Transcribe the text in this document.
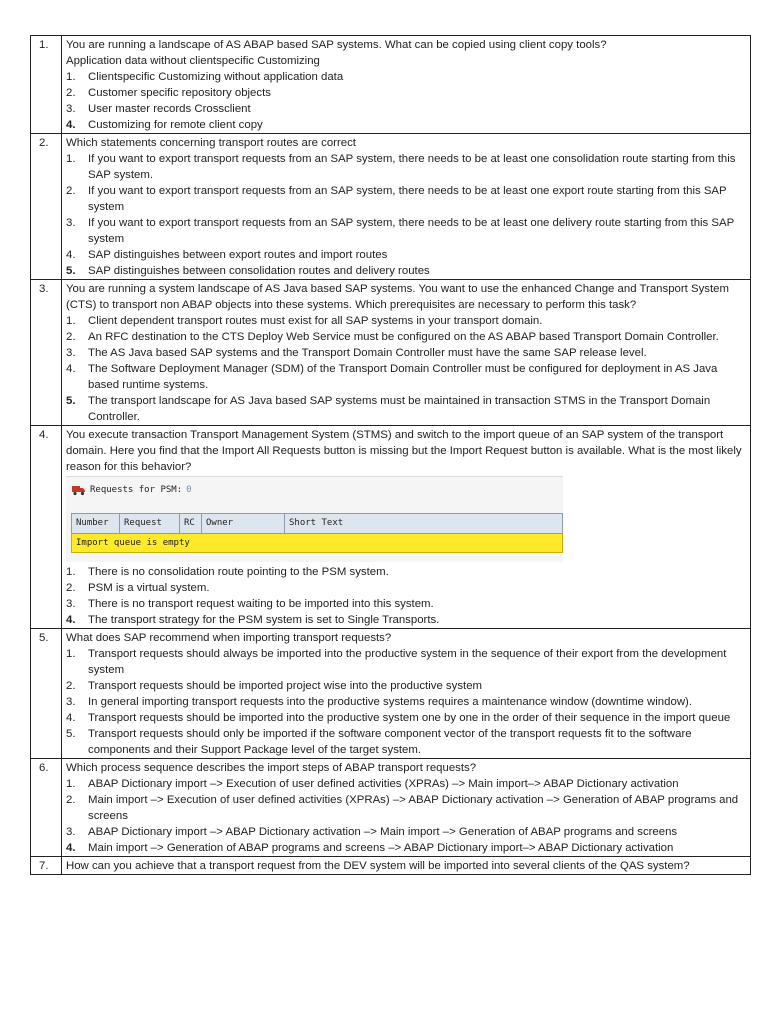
1.	You are running a landscape of AS ABAP based SAP systems. What can be copied using client copy tools?
Application data without clientspecific Customizing
1. Clientspecific Customizing without application data
2. Customer specific repository objects
3. User master records Crossclient
4. Customizing for remote client copy

2.	Which statements concerning transport routes are correct
1. If you want to export transport requests from an SAP system, there needs to be at least one consolidation route starting from this SAP system.
2. If you want to export transport requests from an SAP system, there needs to be at least one export route starting from this SAP system
3. If you want to export transport requests from an SAP system, there needs to be at least one delivery route starting from this SAP system
4. SAP distinguishes between export routes and import routes
5. SAP distinguishes between consolidation routes and delivery routes

3.	You are running a system landscape of AS Java based SAP systems. You want to use the enhanced Change and Transport System (CTS) to transport non ABAP objects into these systems. Which prerequisites are necessary to perform this task?
1. Client dependent transport routes must exist for all SAP systems in your transport domain.
2. An RFC destination to the CTS Deploy Web Service must be configured on the AS ABAP based Transport Domain Controller.
3. The AS Java based SAP systems and the Transport Domain Controller must have the same SAP release level.
4. The Software Deployment Manager (SDM) of the Transport Domain Controller must be configured for deployment in AS Java based runtime systems.
5. The transport landscape for AS Java based SAP systems must be maintained in transaction STMS in the Transport Domain Controller.

4.	You execute transaction Transport Management System (STMS) and switch to the import queue of an SAP system of the transport domain. Here you find that the Import All Requests button is missing but the Import Request button is available. What is the most likely reason for this behavior?
Requests for PSM: 0
Number	Request	RC	Owner	Short Text
Import queue is empty
1. There is no consolidation route pointing to the PSM system.
2. PSM is a virtual system.
3. There is no transport request waiting to be imported into this system.
4. The transport strategy for the PSM system is set to Single Transports.

5.	What does SAP recommend when importing transport requests?
1. Transport requests should always be imported into the productive system in the sequence of their export from the development system
2. Transport requests should be imported project wise into the productive system
3. In general importing transport requests into the productive systems requires a maintenance window (downtime window).
4. Transport requests should be imported into the productive system one by one in the order of their sequence in the import queue
5. Transport requests should only be imported if the software component vector of the transport requests fit to the software components and their Support Package level of the target system.

6.	Which process sequence describes the import steps of ABAP transport requests?
1. ABAP Dictionary import –> Execution of user defined activities (XPRAs) –> Main import–> ABAP Dictionary activation
2. Main import –> Execution of user defined activities (XPRAs) –> ABAP Dictionary activation –> Generation of ABAP programs and screens
3. ABAP Dictionary import –> ABAP Dictionary activation –> Main import –> Generation of ABAP programs and screens
4. Main import –> Generation of ABAP programs and screens –> ABAP Dictionary import–> ABAP Dictionary activation

7.	How can you achieve that a transport request from the DEV system will be imported into several clients of the QAS system?
